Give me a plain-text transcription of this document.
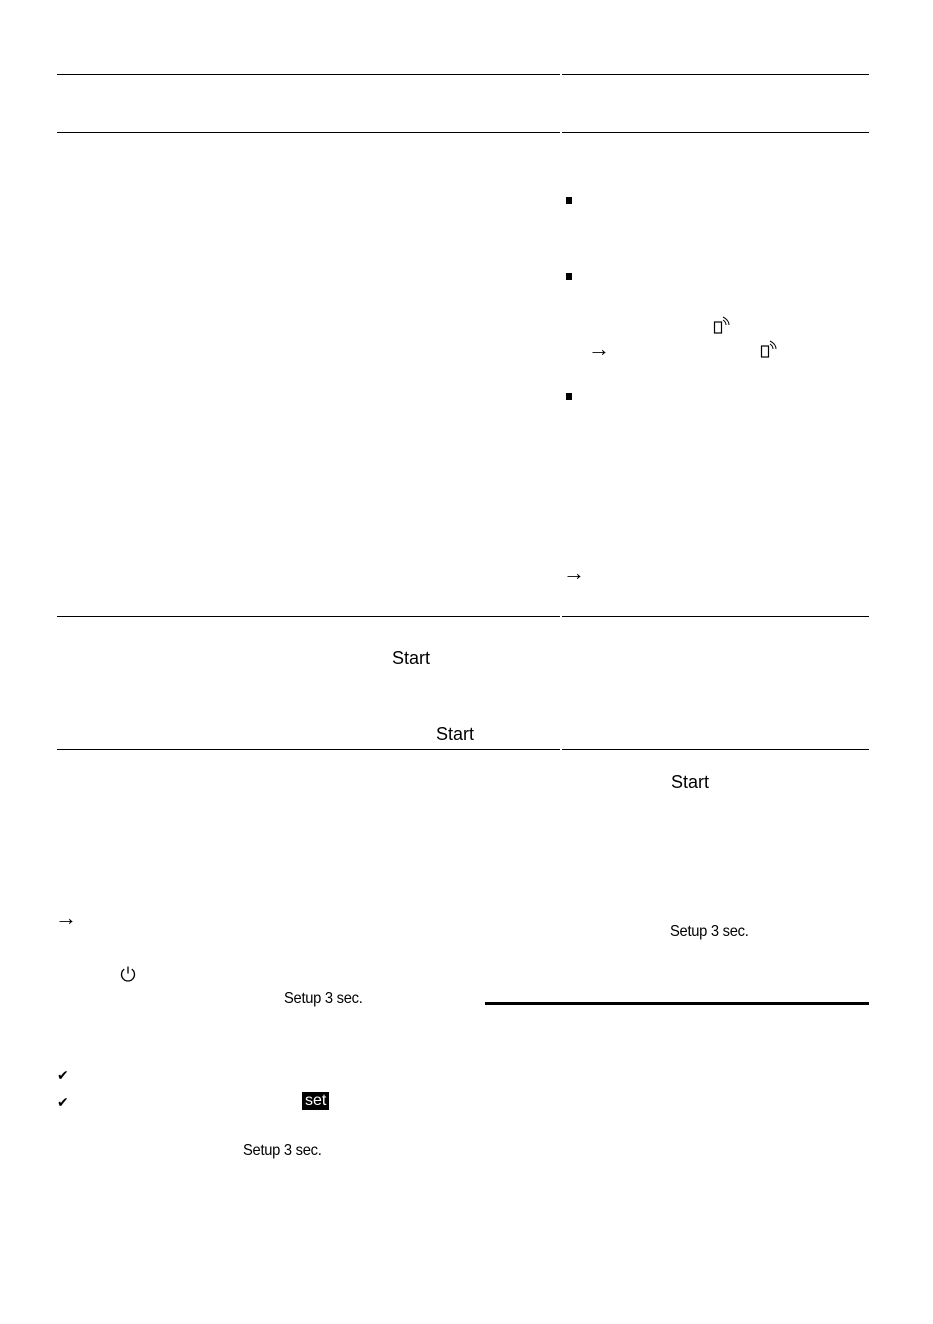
→
→
→
Start
Start
Start
Setup 3 sec.
Setup 3 sec.
Setup 3 sec.
✔
✔	set
